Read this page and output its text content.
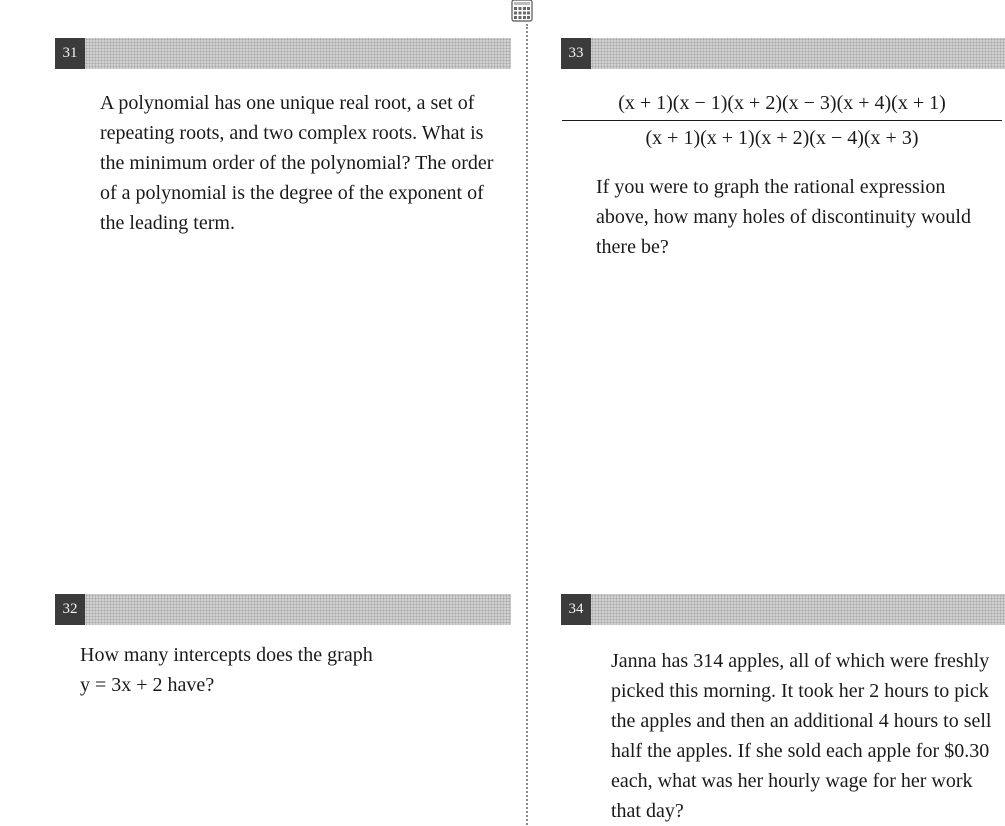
31

A polynomial has one unique real root, a set of repeating roots, and two complex roots. What is the minimum order of the polynomial? The order of a polynomial is the degree of the exponent of the leading term.

32
How many intercepts does the graph
y = 3x + 2 have?
33
$\frac{(x + 1)(x - 1)(x + 2)(x - 3)(x + 4)(x + 1)}{(x + 1)(x + 1)(x + 2)(x - 4)(x + 3)}$

If you were to graph the rational expression above, how many holes of discontinuity would there be?

34

Janna has 314 apples, all of which were freshly picked this morning. It took her 2 hours to pick the apples and then an additional 4 hours to sell half the apples. If she sold each apple for $0.30 each, what was her hourly wage for her work that day?
